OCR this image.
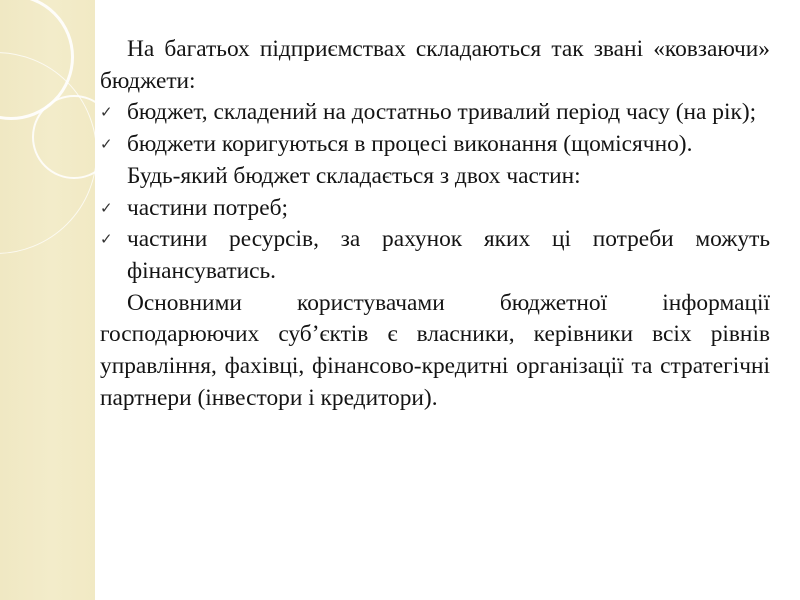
На багатьох підприємствах складаються так звані «ковзаючи» бюджети:
✓ бюджет, складений на достатньо тривалий період часу (на рік);
✓ бюджети коригуються в процесі виконання (щомісячно).
Будь-який бюджет складається з двох частин:
✓ частини потреб;
✓ частини ресурсів, за рахунок яких ці потреби можуть фінансуватись.
Основними користувачами бюджетної інформації господарюючих суб’єктів є власники, керівники всіх рівнів управління, фахівці, фінансово-кредитні організації та стратегічні партнери (інвестори і кредитори).
